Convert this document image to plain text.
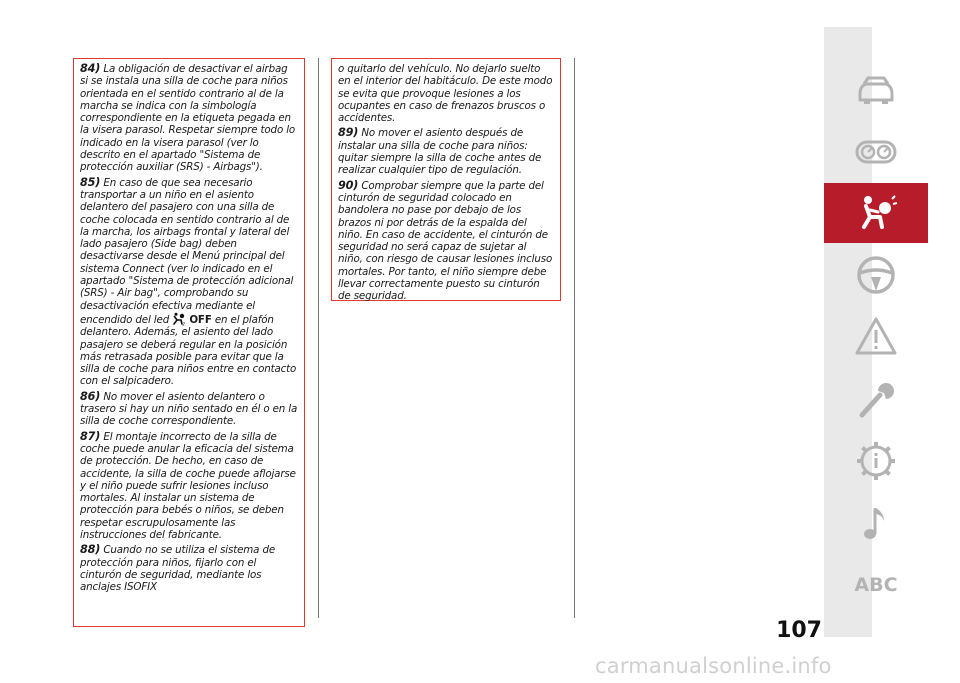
84) La obligación de desactivar el airbag si se instala una silla de coche para niños orientada en el sentido contrario al de la marcha se indica con la simbología correspondiente en la etiqueta pegada en la visera parasol. Respetar siempre todo lo indicado en la visera parasol (ver lo descrito en el apartado "Sistema de protección auxiliar (SRS) - Airbags").

85) En caso de que sea necesario transportar a un niño en el asiento delantero del pasajero con una silla de coche colocada en sentido contrario al de la marcha, los airbags frontal y lateral del lado pasajero (Side bag) deben desactivarse desde el Menú principal del sistema Connect (ver lo indicado en el apartado "Sistema de protección adicional (SRS) - Air bag", comprobando su desactivación efectiva mediante el encendido del led	2 OFF en el plafón delantero. Además, el asiento del lado pasajero se deberá regular en la posición más retrasada posible para evitar que la silla de coche para niños entre en contacto con el salpicadero.

86) No mover el asiento delantero o trasero si hay un niño sentado en él o en la silla de coche correspondiente.

87) El montaje incorrecto de la silla de coche puede anular la eficacia del sistema de protección. De hecho, en caso de accidente, la silla de coche puede aflojarse y el niño puede sufrir lesiones incluso mortales. Al instalar un sistema de protección para bebés o niños, se deben respetar escrupulosamente las instrucciones del fabricante.

88) Cuando no se utiliza el sistema de protección para niños, fijarlo con el cinturón de seguridad, mediante los anclajes ISOFIX

o quitarlo del vehículo. No dejarlo suelto en el interior del habitáculo. De este modo se evita que provoque lesiones a los ocupantes en caso de frenazos bruscos o accidentes.

89) No mover el asiento después de instalar una silla de coche para niños: quitar siempre la silla de coche antes de realizar cualquier tipo de regulación.

90) Comprobar siempre que la parte del cinturón de seguridad colocado en bandolera no pase por debajo de los brazos ni por detrás de la espalda del niño. En caso de accidente, el cinturón de seguridad no será capaz de sujetar al niño, con riesgo de causar lesiones incluso mortales. Por tanto, el niño siempre debe llevar correctamente puesto su cinturón de seguridad.

ABC
107
carmanualsonline.info
